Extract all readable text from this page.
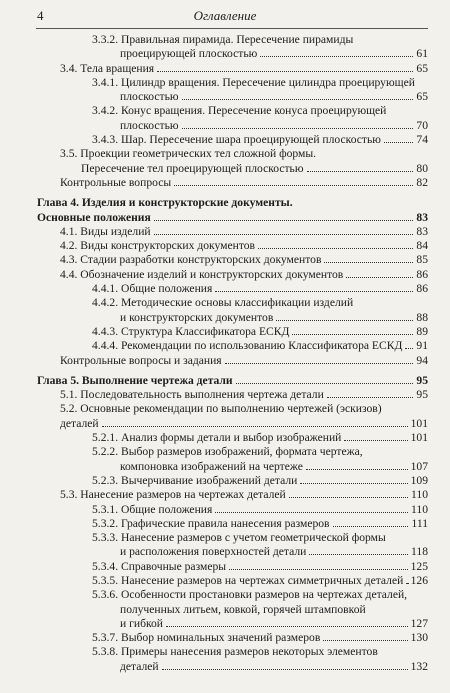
4	Оглавление
3.3.2. Правильная пирамида. Пересечение пирамиды
проецирующей плоскостью	61
3.4. Тела вращения	65
3.4.1. Цилиндр вращения. Пересечение цилиндра проецирующей
плоскостью	65
3.4.2. Конус вращения. Пересечение конуса проецирующей
плоскостью	70
3.4.3. Шар. Пересечение шара проецирующей плоскостью	74
3.5. Проекции геометрических тел сложной формы.
Пересечение тел проецирующей плоскостью	80
Контрольные вопросы	82
Глава 4. Изделия и конструкторские документы.
Основные положения	83
4.1. Виды изделий	83
4.2. Виды конструкторских документов	84
4.3. Стадии разработки конструкторских документов	85
4.4. Обозначение изделий и конструкторских документов	86
4.4.1. Общие положения	86
4.4.2. Методические основы классификации изделий
и конструкторских документов	88
4.4.3. Структура Классификатора ЕСКД	89
4.4.4. Рекомендации по использованию Классификатора ЕСКД 91
Контрольные вопросы и задания	94
Глава 5. Выполнение чертежа детали	95
5.1. Последовательность выполнения чертежа детали	95
5.2. Основные рекомендации по выполнению чертежей (эскизов)
деталей	101
5.2.1. Анализ формы детали и выбор изображений	101
5.2.2. Выбор размеров изображений, формата чертежа,
компоновка изображений на чертеже	107
5.2.3. Вычерчивание изображений детали	109
5.3. Нанесение размеров на чертежах деталей	110
5.3.1. Общие положения	110
5.3.2. Графические правила нанесения размеров	111
5.3.3. Нанесение размеров с учетом геометрической формы
и расположения поверхностей детали	118
5.3.4. Справочные размеры	125
5.3.5. Нанесение размеров на чертежах симметричных деталей 126
5.3.6. Особенности простановки размеров на чертежах деталей,
полученных литьем, ковкой, горячей штамповкой
и гибкой	127
5.3.7. Выбор номинальных значений размеров	130
5.3.8. Примеры нанесения размеров некоторых элементов
деталей	132
